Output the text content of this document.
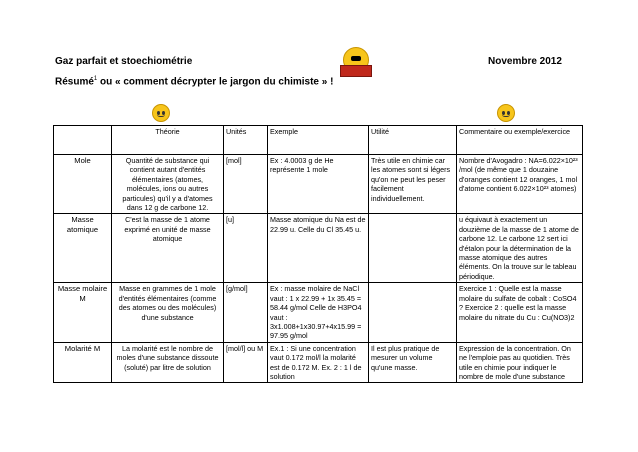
Gaz parfait et stoechiométrie	Novembre 2012
Résumé$^1$ ou « comment décrypter le jargon du chimiste » !
	Théorie	Unités	Exemple	Utilité	Commentaire ou exemple/exercice
Mole	Quantité de substance qui contient autant d'entités élémentaires (atomes, molécules, ions ou autres particules) qu'il y a d'atomes dans 12 g de carbone 12.	[mol]	Ex : 4.0003 g de He représente 1 mole	Très utile en chimie car les atomes sont si légers qu'on ne peut les peser facilement individuellement.	Nombre d'Avogadro : NA=6.022×10²³ /mol (de même que 1 douzaine d'oranges contient 12 oranges, 1 mol d'atome contient 6.022×10²³ atomes)
Masse atomique	C'est la masse de 1 atome exprimé en unité de masse atomique	[u]	Masse atomique du Na est de 22.99 u. Celle du Cl 35.45 u.		u équivaut à exactement un douzième de la masse de 1 atome de carbone 12. Le carbone 12 sert ici d'étalon pour la détermination de la masse atomique des autres éléments. On la trouve sur le tableau périodique.
Masse molaire M	Masse en grammes de 1 mole d'entités élémentaires (comme des atomes ou des molécules) d'une substance	[g/mol]	Ex : masse molaire de NaCl vaut : 1 x 22.99 + 1x 35.45 = 58.44 g/mol Celle de H3PO4 vaut : 3x1.008+1x30.97+4x15.99 = 97.95 g/mol		Exercice 1 : Quelle est la masse molaire du sulfate de cobalt : CoSO4 ? Exercice 2 : quelle est la masse molaire du nitrate du Cu : Cu(NO3)2
Molarité M	La molarité est le nombre de moles d'une substance dissoute (soluté) par litre de solution	[mol/l] ou M	Ex.1 : Si une concentration vaut 0.172 mol/l la molarité est de 0.172 M. Ex. 2 : 1 l de solution	Il est plus pratique de mesurer un volume qu'une masse.	Expression de la concentration. On ne l'emploie pas au quotidien. Très utile en chimie pour indiquer le nombre de mole d'une substance
